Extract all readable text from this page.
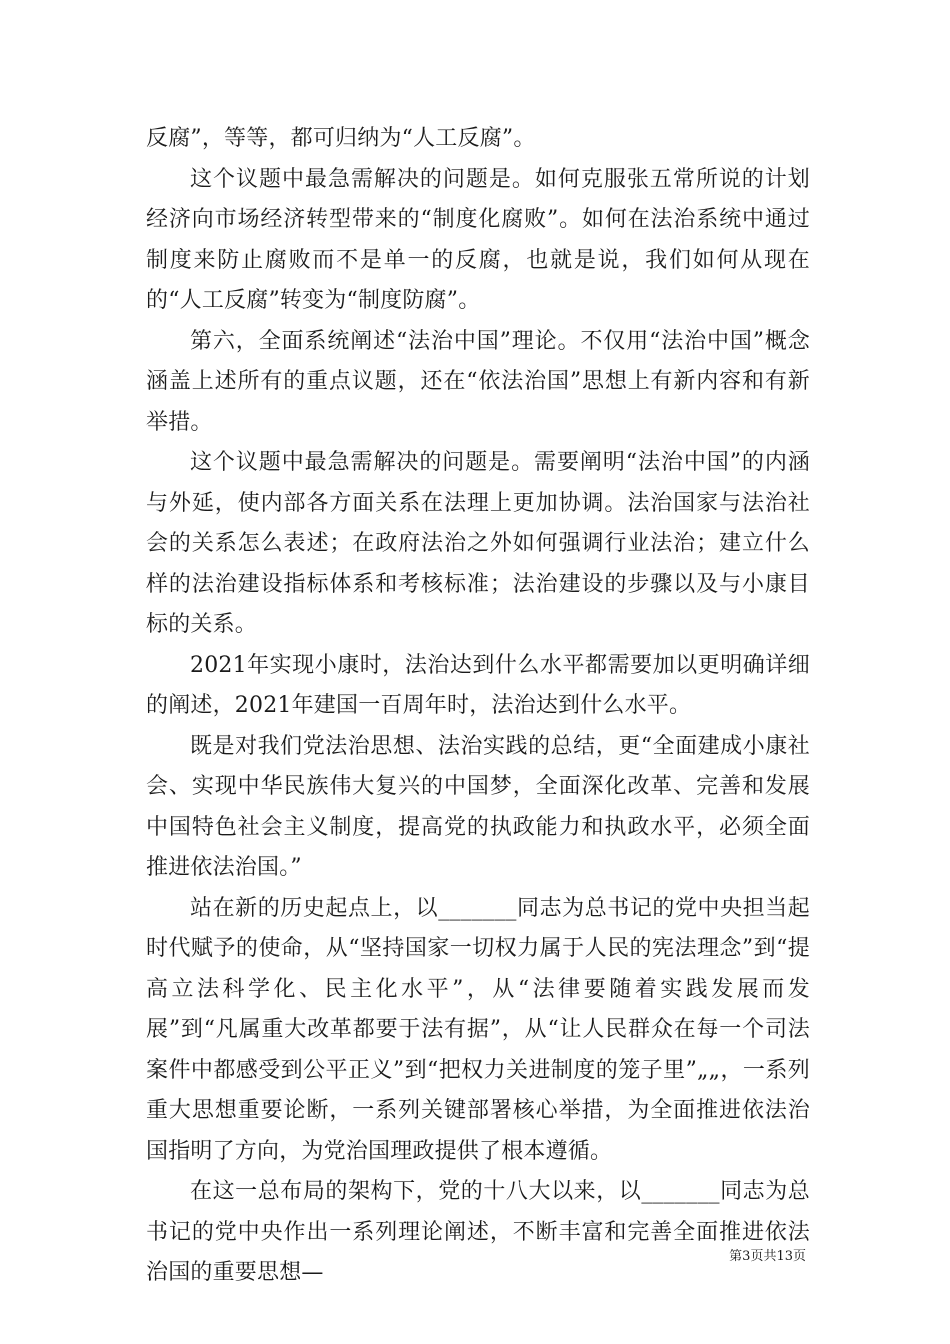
反腐”，等等，都可归纳为“人工反腐”。

这个议题中最急需解决的问题是。如何克服张五常所说的计划经济向市场经济转型带来的“制度化腐败”。如何在法治系统中通过制度来防止腐败而不是单一的反腐，也就是说，我们如何从现在的“人工反腐”转变为“制度防腐”。

第六，全面系统阐述“法治中国”理论。不仅用“法治中国”概念涵盖上述所有的重点议题，还在“依法治国”思想上有新内容和有新举措。

这个议题中最急需解决的问题是。需要阐明“法治中国”的内涵与外延，使内部各方面关系在法理上更加协调。法治国家与法治社会的关系怎么表述；在政府法治之外如何强调行业法治；建立什么样的法治建设指标体系和考核标准；法治建设的步骤以及与小康目标的关系。

2021年实现小康时，法治达到什么水平都需要加以更明确详细的阐述，2021年建国一百周年时，法治达到什么水平。

既是对我们党法治思想、法治实践的总结，更“全面建成小康社会、实现中华民族伟大复兴的中国梦，全面深化改革、完善和发展中国特色社会主义制度，提高党的执政能力和执政水平，必须全面推进依法治国。”

站在新的历史起点上，以_______同志为总书记的党中央担当起时代赋予的使命，从“坚持国家一切权力属于人民的宪法理念”到“提高立法科学化、民主化水平”，从“法律要随着实践发展而发展”到“凡属重大改革都要于法有据”，从“让人民群众在每一个司法案件中都感受到公平正义”到“把权力关进制度的笼子里”„„，一系列重大思想重要论断，一系列关键部署核心举措，为全面推进依法治国指明了方向，为党治国理政提供了根本遵循。

在这一总布局的架构下，党的十八大以来，以_______同志为总书记的党中央作出一系列理论阐述，不断丰富和完善全面推进依法治国的重要思想—

第3页共13页
